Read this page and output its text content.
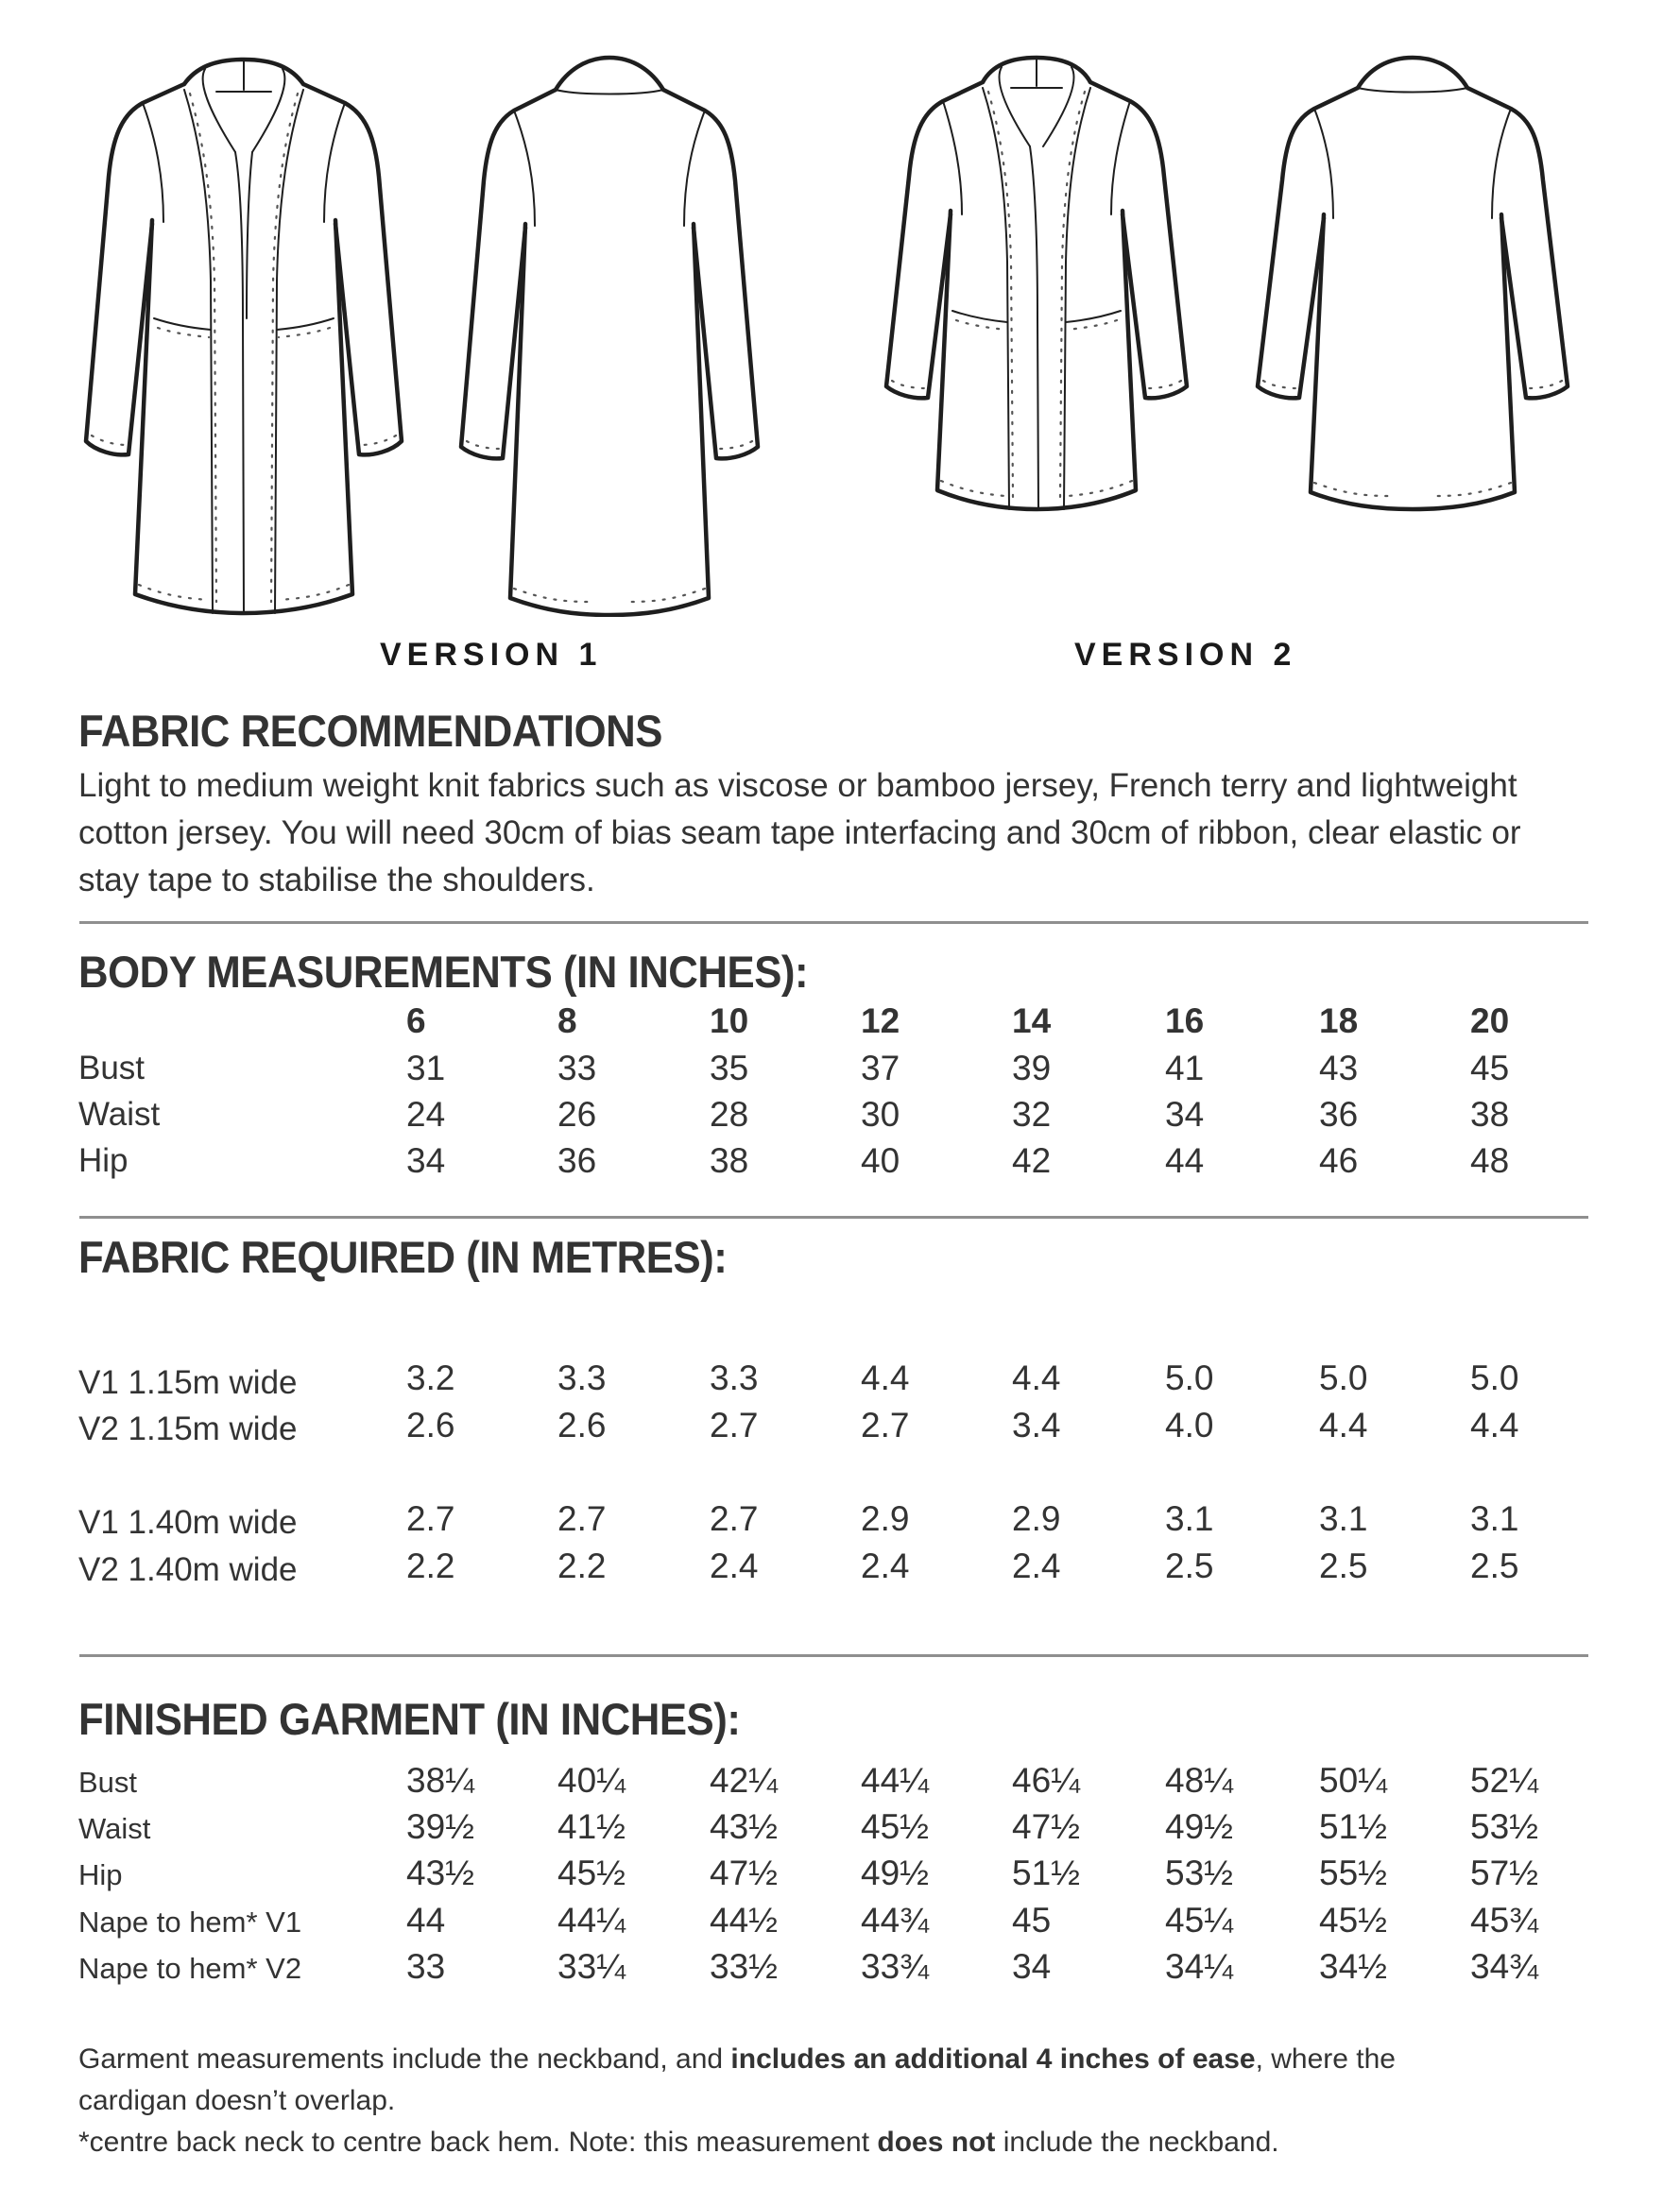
VERSION 1	VERSION 2
FABRIC RECOMMENDATIONS
Light to medium weight knit fabrics such as viscose or bamboo jersey, French terry and lightweight
cotton jersey. You will need 30cm of bias seam tape interfacing and 30cm of ribbon, clear elastic or
stay tape to stabilise the shoulders.
BODY MEASUREMENTS (IN INCHES):
6	8	10	12	14	16	18	20
Bust	31	33	35	37	39	41	43	45
Waist	24	26	28	30	32	34	36	38
Hip	34	36	38	40	42	44	46	48
FABRIC REQUIRED (IN METRES):
V1 1.15m wide	3.2	3.3	3.3	4.4	4.4	5.0	5.0	5.0
V2 1.15m wide	2.6	2.6	2.7	2.7	3.4	4.0	4.4	4.4
V1 1.40m wide	2.7	2.7	2.7	2.9	2.9	3.1	3.1	3.1
V2 1.40m wide	2.2	2.2	2.4	2.4	2.4	2.5	2.5	2.5
FINISHED GARMENT (IN INCHES):
Bust	38¼ 40¼ 42¼ 44¼ 46¼ 48¼ 50¼ 52¼
Waist	39½ 41½ 43½ 45½ 47½ 49½ 51½ 53½
Hip	43½ 45½ 47½ 49½ 51½ 53½ 55½ 57½
Nape to hem* V1	44	44¼ 44½ 44¾ 45	45¼ 45½ 45¾
Nape to hem* V2	33	33¼ 33½ 33¾ 34	34¼ 34½ 34¾
Garment measurements include the neckband, and includes an additional 4 inches of ease, where the
cardigan doesn’t overlap.
*centre back neck to centre back hem. Note: this measurement does not include the neckband.
